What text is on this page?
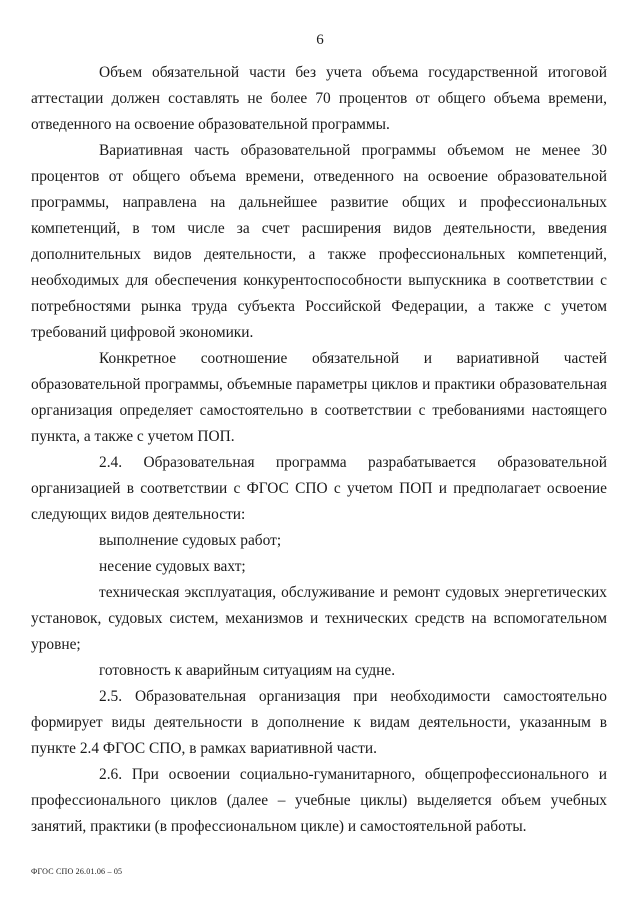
6

Объем обязательной части без учета объема государственной итоговой аттестации должен составлять не более 70 процентов от общего объема времени, отведенного на освоение образовательной программы.

Вариативная часть образовательной программы объемом не менее 30 процентов от общего объема времени, отведенного на освоение образовательной программы, направлена на дальнейшее развитие общих и профессиональных компетенций, в том числе за счет расширения видов деятельности, введения дополнительных видов деятельности, а также профессиональных компетенций, необходимых для обеспечения конкурентоспособности выпускника в соответствии с потребностями рынка труда субъекта Российской Федерации, а также с учетом требований цифровой экономики.

Конкретное соотношение обязательной и вариативной частей образовательной программы, объемные параметры циклов и практики образовательная организация определяет самостоятельно в соответствии с требованиями настоящего пункта, а также с учетом ПОП.

2.4. Образовательная программа разрабатывается образовательной организацией в соответствии с ФГОС СПО с учетом ПОП и предполагает освоение следующих видов деятельности:

выполнение судовых работ;

несение судовых вахт;

техническая эксплуатация, обслуживание и ремонт судовых энергетических установок, судовых систем, механизмов и технических средств на вспомогательном уровне;

готовность к аварийным ситуациям на судне.

2.5. Образовательная организация при необходимости самостоятельно формирует виды деятельности в дополнение к видам деятельности, указанным в пункте 2.4 ФГОС СПО, в рамках вариативной части.

2.6. При освоении социально-гуманитарного, общепрофессионального и профессионального циклов (далее – учебные циклы) выделяется объем учебных занятий, практики (в профессиональном цикле) и самостоятельной работы.

ФГОС СПО 26.01.06 – 05
